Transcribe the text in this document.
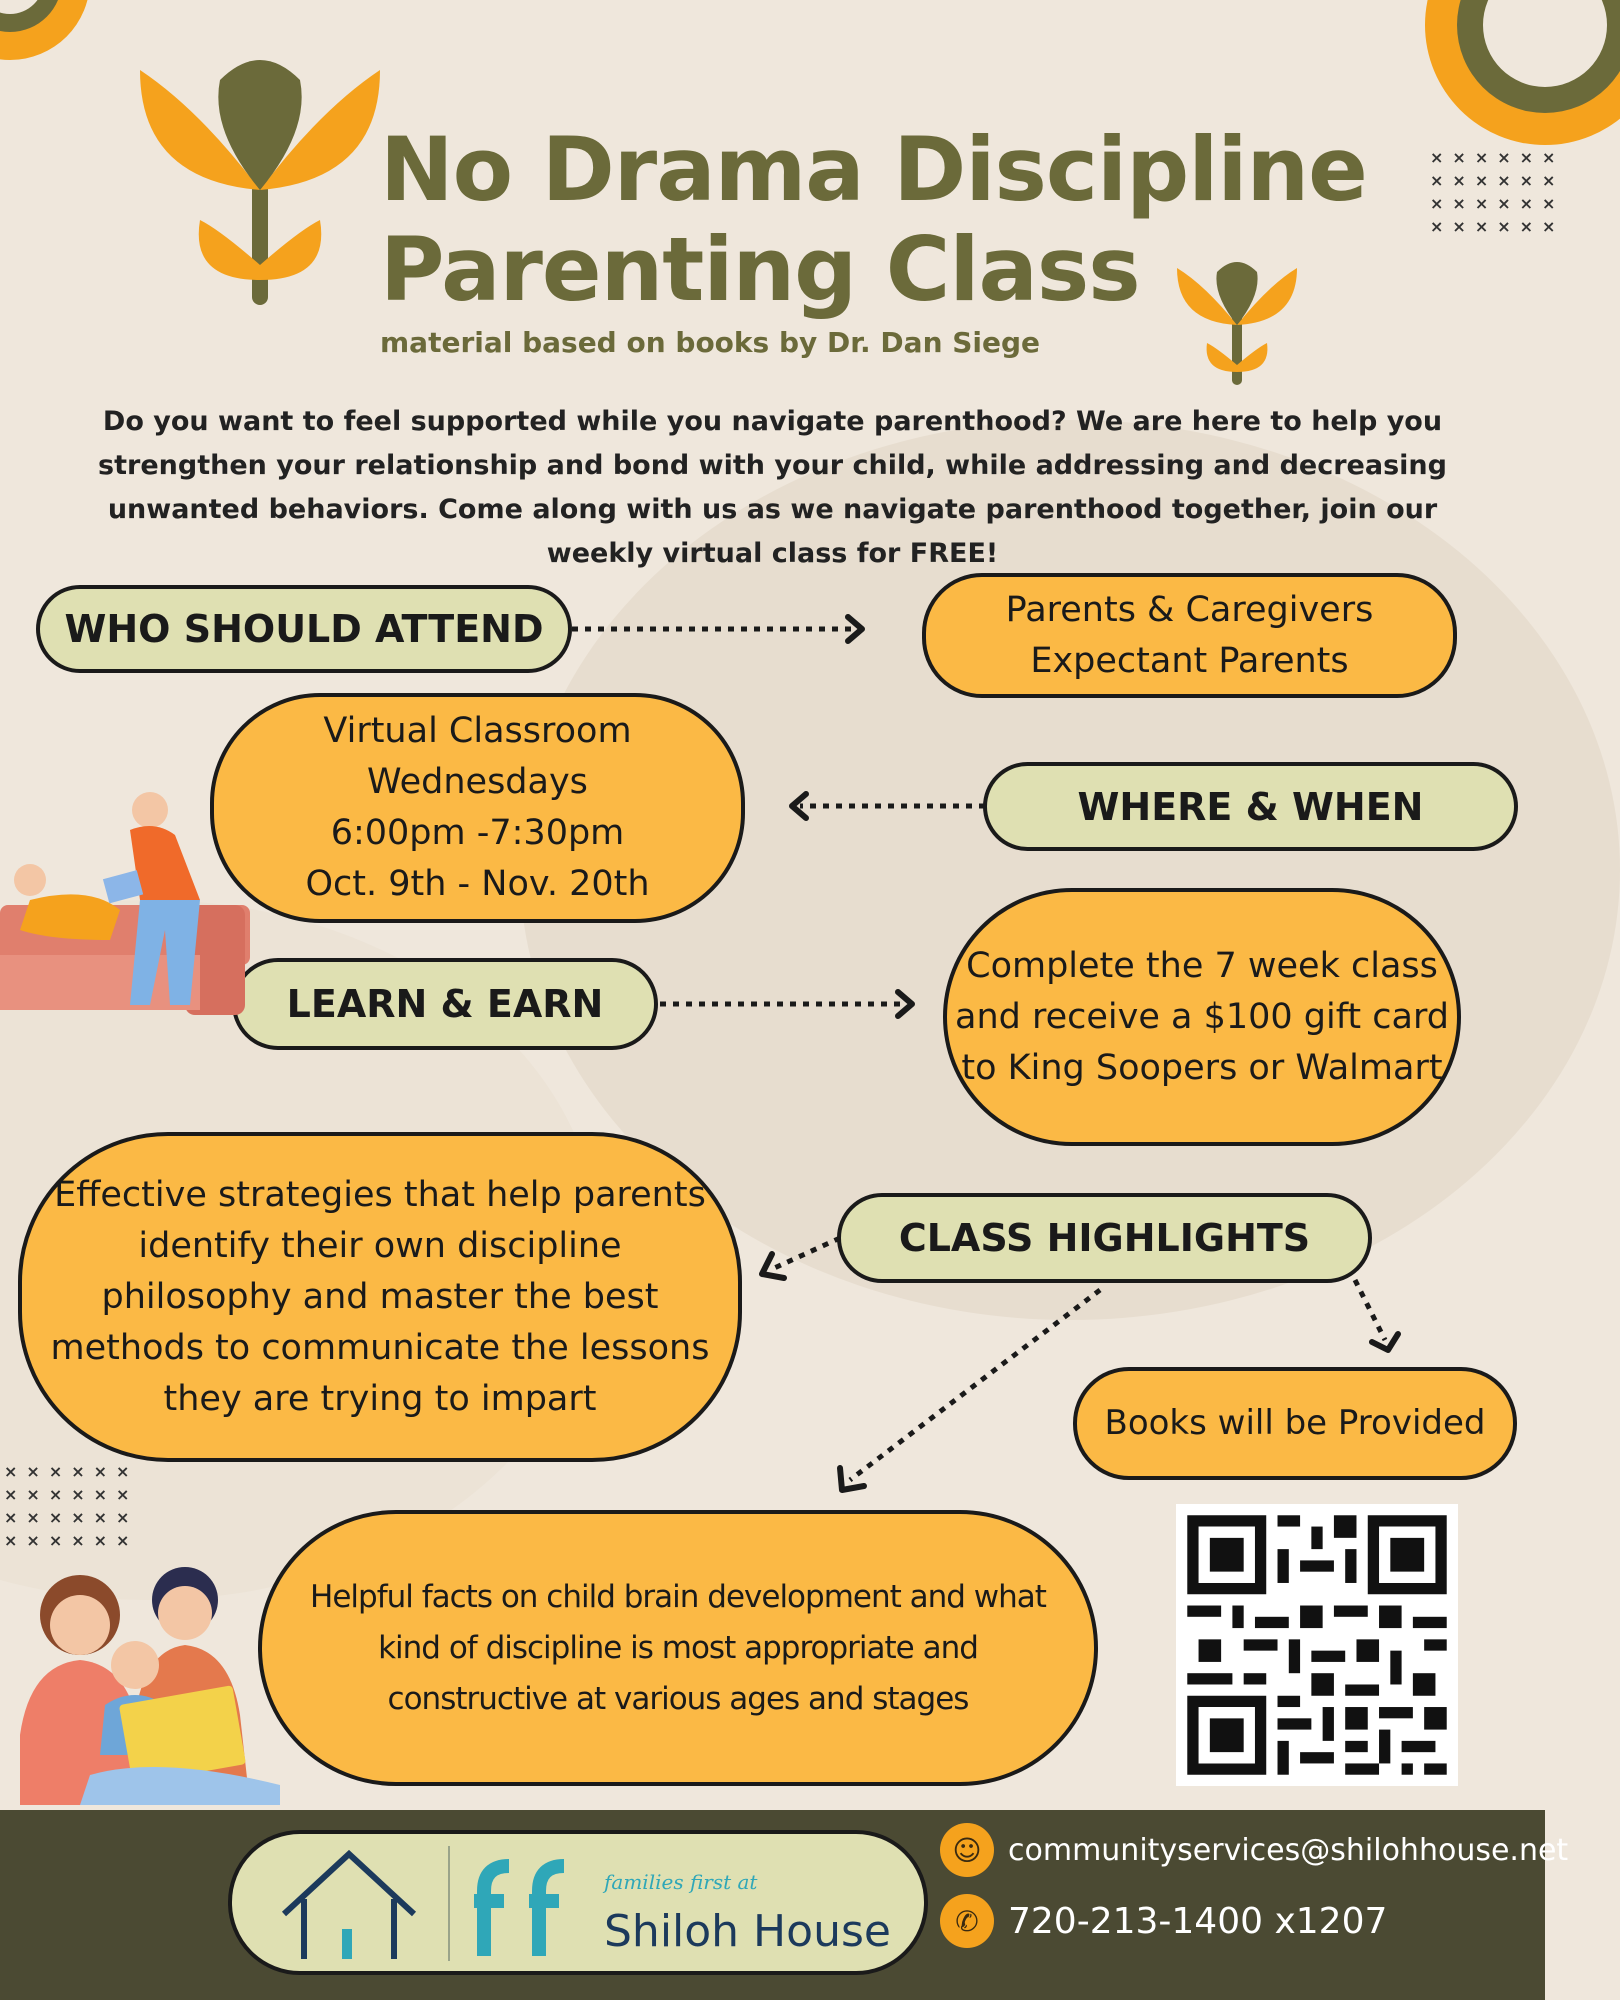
××××××
××××××
××××××
××××××
××××××
××××××
××××××
××××××
No Drama Discipline
Parenting Class
material based on books by Dr. Dan Siege
Do you want to feel supported while you navigate parenthood? We are here to help you strengthen your relationship and bond with your child, while addressing and decreasing unwanted behaviors. Come along with us as we navigate parenthood together, join our weekly virtual class for FREE!
WHO SHOULD ATTEND	Parents & Caregivers
Expectant Parents
Virtual Classroom
Wednesdays
6:00pm -7:30pm
Oct. 9th - Nov. 20th
WHERE & WHEN
LEARN & EARN
Complete the 7 week class
and receive a $100 gift card
to King Soopers or Walmart
Effective strategies that help parents identify their own discipline philosophy and master the best methods to communicate the lessons they are trying to impart
CLASS HIGHLIGHTS
Books will be Provided
Helpful facts on child brain development and what kind of discipline is most appropriate and constructive at various ages and stages
families first at
Shiloh House
☺ communityservices@shilohhouse.net
✆ 720-213-1400 x1207
